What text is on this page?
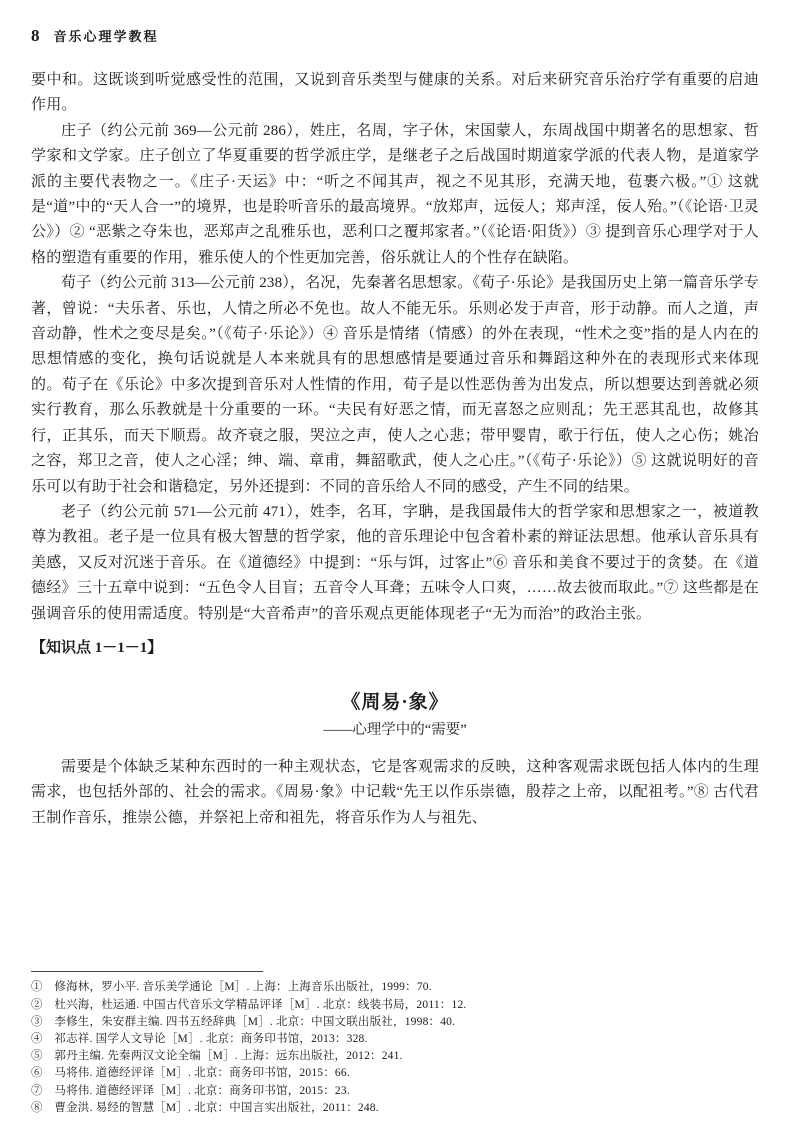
8 音乐心理学教程

要中和。这既谈到听觉感受性的范围，又说到音乐类型与健康的关系。对后来研究音乐治疗学有重要的启迪作用。

庄子（约公元前 369—公元前 286），姓庄，名周，字子休，宋国蒙人，东周战国中期著名的思想家、哲学家和文学家。庄子创立了华夏重要的哲学派庄学，是继老子之后战国时期道家学派的代表人物，是道家学派的主要代表物之一。《庄子·天运》中：“听之不闻其声，视之不见其形，充满天地，苞裹六极。”① 这就是“道”中的“天人合一”的境界，也是聆听音乐的最高境界。“放郑声，远佞人；郑声淫，佞人殆。”（《论语·卫灵公》）② “恶紫之夺朱也，恶郑声之乱雅乐也，恶利口之覆邦家者。”（《论语·阳货》）③ 提到音乐心理学对于人格的塑造有重要的作用，雅乐使人的个性更加完善，俗乐就让人的个性存在缺陷。

荀子（约公元前 313—公元前 238），名况，先秦著名思想家。《荀子·乐论》是我国历史上第一篇音乐学专著，曾说：“夫乐者、乐也，人情之所必不免也。故人不能无乐。乐则必发于声音，形于动静。而人之道，声音动静，性术之变尽是矣。”（《荀子·乐论》）④ 音乐是情绪（情感）的外在表现，“性术之变”指的是人内在的思想情感的变化，换句话说就是人本来就具有的思想感情是要通过音乐和舞蹈这种外在的表现形式来体现的。荀子在《乐论》中多次提到音乐对人性情的作用，荀子是以性恶伪善为出发点，所以想要达到善就必须实行教育，那么乐教就是十分重要的一环。“夫民有好恶之情，而无喜怒之应则乱；先王恶其乱也，故修其行，正其乐，而天下顺焉。故齐衰之服，哭泣之声，使人之心悲；带甲婴胄，歌于行伍，使人之心伤；姚冶之容，郑卫之音，使人之心淫；绅、端、章甫，舞韶歌武，使人之心庄。”（《荀子·乐论》）⑤ 这就说明好的音乐可以有助于社会和谐稳定，另外还提到：不同的音乐给人不同的感受，产生不同的结果。

老子（约公元前 571—公元前 471），姓李，名耳，字聃，是我国最伟大的哲学家和思想家之一，被道教尊为教祖。老子是一位具有极大智慧的哲学家，他的音乐理论中包含着朴素的辩证法思想。他承认音乐具有美感，又反对沉迷于音乐。在《道德经》中提到：“乐与饵，过客止”⑥ 音乐和美食不要过于的贪婪。在《道德经》三十五章中说到：“五色令人目盲；五音令人耳聋；五味令人口爽，……故去彼而取此。”⑦ 这些都是在强调音乐的使用需适度。特别是“大音希声”的音乐观点更能体现老子“无为而治”的政治主张。

【知识点 1－1－1】

《周易·象》

——心理学中的“需要”

需要是个体缺乏某种东西时的一种主观状态，它是客观需求的反映，这种客观需求既包括人体内的生理需求，也包括外部的、社会的需求。《周易·象》中记载“先王以作乐崇德，殷荐之上帝，以配祖考。”⑧ 古代君王制作音乐，推崇公德，并祭祀上帝和祖先，将音乐作为人与祖先、

①　修海林，罗小平. 音乐美学通论［M］. 上海：上海音乐出版社，1999：70.
②　杜兴海，杜运通. 中国古代音乐文学精品评译［M］. 北京：线装书局，2011：12.
③　李修生，朱安群主编. 四书五经辞典［M］. 北京：中国文联出版社，1998：40.
④　祁志祥. 国学人文导论［M］. 北京：商务印书馆，2013：328.
⑤　郭丹主编. 先秦两汉文论全编［M］. 上海：远东出版社，2012：241.
⑥　马将伟. 道德经评译［M］. 北京：商务印书馆，2015：66.
⑦　马将伟. 道德经评译［M］. 北京：商务印书馆，2015：23.
⑧　曹金洪. 易经的智慧［M］. 北京：中国言实出版社，2011：248.
